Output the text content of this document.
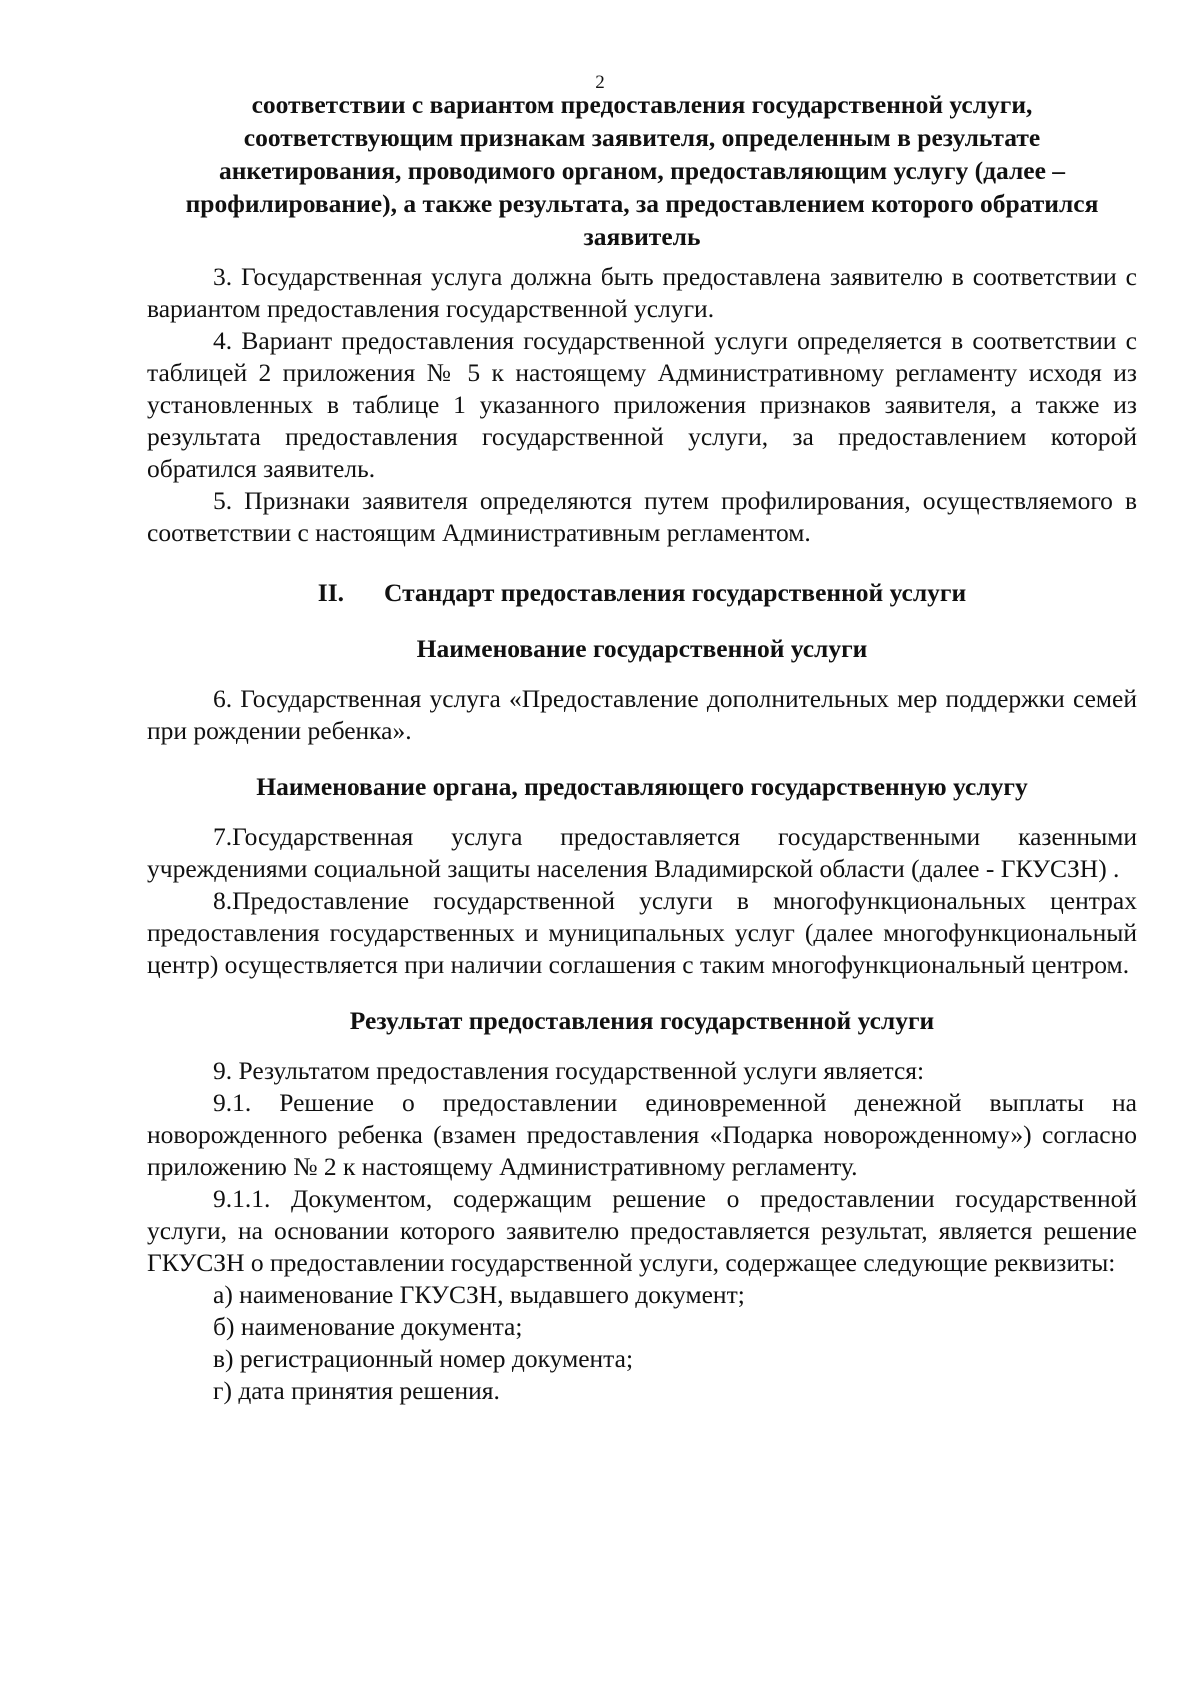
2

соответствии с вариантом предоставления государственной услуги, соответствующим признакам заявителя, определенным в результате анкетирования, проводимого органом, предоставляющим услугу (далее – профилирование), а также результата, за предоставлением которого обратился заявитель

3. Государственная услуга должна быть предоставлена заявителю в соответствии с вариантом предоставления государственной услуги.

4. Вариант предоставления государственной услуги определяется в соответствии с таблицей 2 приложения № 5 к настоящему Административному регламенту исходя из установленных в таблице 1 указанного приложения признаков заявителя, а также из результата предоставления государственной услуги, за предоставлением которой обратился заявитель.

5. Признаки заявителя определяются путем профилирования, осуществляемого в соответствии с настоящим Административным регламентом.

II. Стандарт предоставления государственной услуги

Наименование государственной услуги

6. Государственная услуга «Предоставление дополнительных мер поддержки семей при рождении ребенка».

Наименование органа, предоставляющего государственную услугу

7.Государственная услуга предоставляется государственными казенными учреждениями социальной защиты населения Владимирской области (далее - ГКУСЗН) .

8.Предоставление государственной услуги в многофункциональных центрах предоставления государственных и муниципальных услуг (далее многофункциональный центр) осуществляется при наличии соглашения с таким многофункциональный центром.

Результат предоставления государственной услуги

9. Результатом предоставления государственной услуги является:

9.1. Решение о предоставлении единовременной денежной выплаты на новорожденного ребенка (взамен предоставления «Подарка новорожденному») согласно приложению № 2 к настоящему Административному регламенту.

9.1.1. Документом, содержащим решение о предоставлении государственной услуги, на основании которого заявителю предоставляется результат, является решение ГКУСЗН о предоставлении государственной услуги, содержащее следующие реквизиты:

а) наименование ГКУСЗН, выдавшего документ;

б) наименование документа;

в) регистрационный номер документа;

г) дата принятия решения.
